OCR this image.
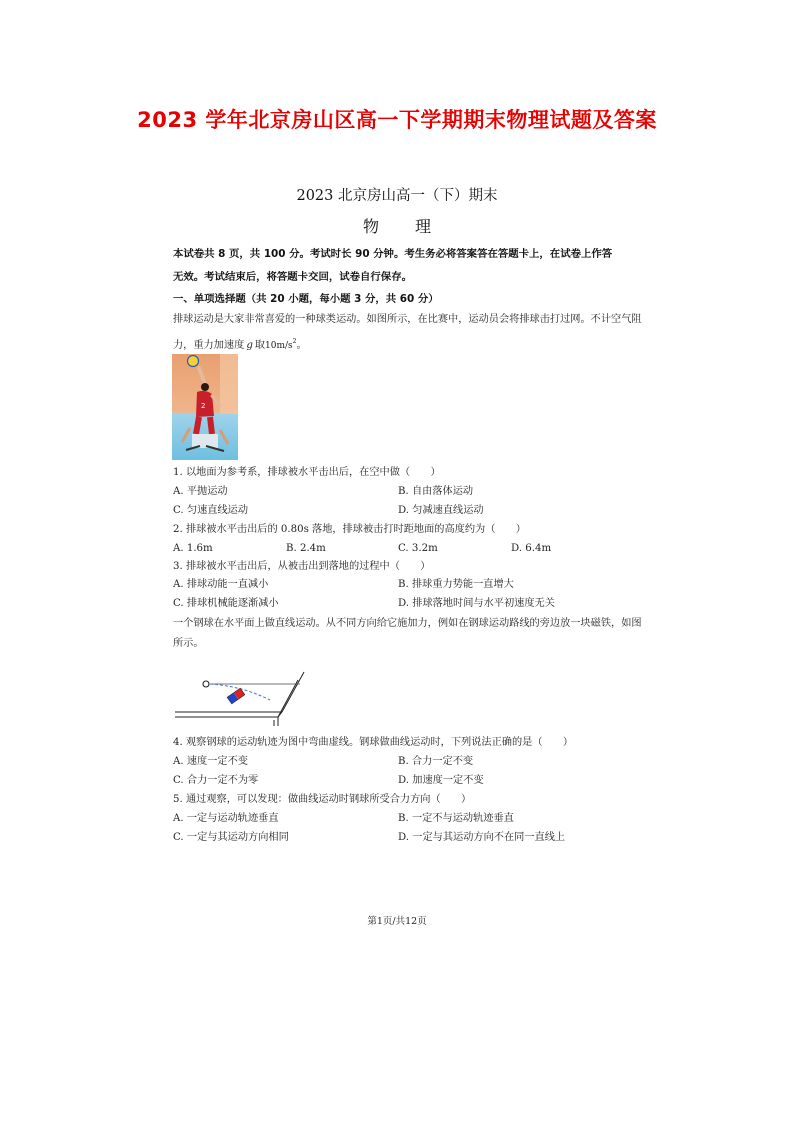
2023 学年北京房山区高一下学期期末物理试题及答案
2023 北京房山高一（下）期末
物 理
本试卷共 8 页，共 100 分。考试时长 90 分钟。考生务必将答案答在答题卡上，在试卷上作答
无效。考试结束后，将答题卡交回，试卷自行保存。
一、单项选择题（共 20 小题，每小题 3 分，共 60 分）
排球运动是大家非常喜爱的一种球类运动。如图所示，在比赛中，运动员会将排球击打过网。不计空气阻
力，重力加速度 g 取$10m/s^2$。
2
1. 以地面为参考系，排球被水平击出后，在空中做（　　）
A. 平抛运动	B. 自由落体运动
C. 匀速直线运动	D. 匀减速直线运动
2. 排球被水平击出后的 0.80s 落地，排球被击打时距地面的高度约为（　　）
A. 1.6m	B. 2.4m	C. 3.2m	D. 6.4m
3. 排球被水平击出后，从被击出到落地的过程中（　　）
A. 排球动能一直减小	B. 排球重力势能一直增大
C. 排球机械能逐渐减小	D. 排球落地时间与水平初速度无关
一个钢球在水平面上做直线运动。从不同方向给它施加力，例如在钢球运动路线的旁边放一块磁铁，如图
所示。
4. 观察钢球的运动轨迹为图中弯曲虚线。钢球做曲线运动时，下列说法正确的是（　　）
A. 速度一定不变	B. 合力一定不变
C. 合力一定不为零	D. 加速度一定不变
5. 通过观察，可以发现：做曲线运动时钢球所受合力方向（　　）
A. 一定与运动轨迹垂直	B. 一定不与运动轨迹垂直
C. 一定与其运动方向相同	D. 一定与其运动方向不在同一直线上
第1页/共12页
